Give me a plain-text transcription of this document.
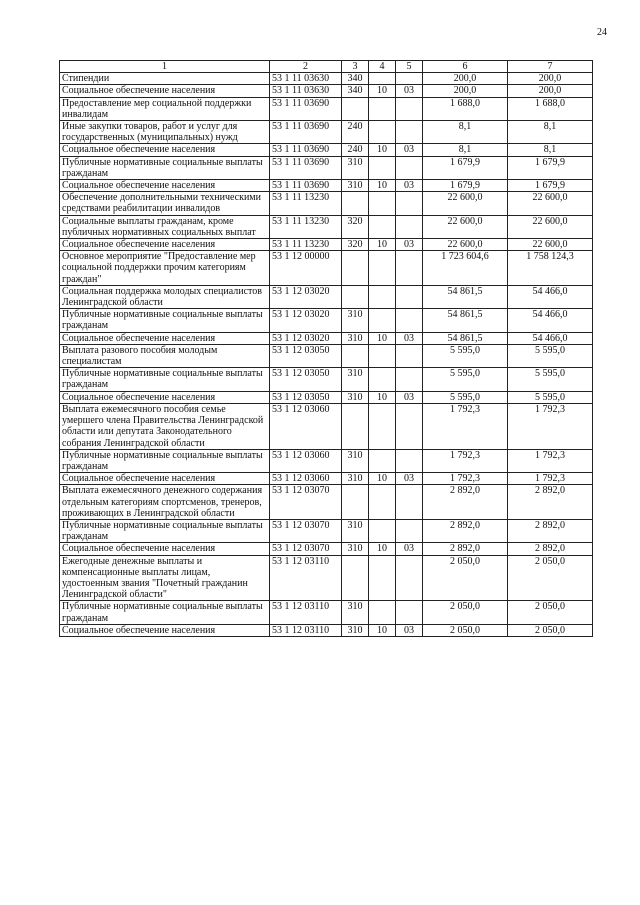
24
1	2	3	4	5	6	7
Стипендии	53 1 11 03630	340			200,0	200,0
Социальное обеспечение населения	53 1 11 03630	340	10	03	200,0	200,0
Предоставление мер социальной поддержки инвалидам	53 1 11 03690				1 688,0	1 688,0
Иные закупки товаров, работ и услуг для государственных (муниципальных) нужд	53 1 11 03690	240			8,1	8,1
Социальное обеспечение населения	53 1 11 03690	240	10	03	8,1	8,1
Публичные нормативные социальные выплаты гражданам	53 1 11 03690	310			1 679,9	1 679,9
Социальное обеспечение населения	53 1 11 03690	310	10	03	1 679,9	1 679,9
Обеспечение дополнительными техническими средствами реабилитации инвалидов	53 1 11 13230				22 600,0	22 600,0
Социальные выплаты гражданам, кроме публичных нормативных социальных выплат	53 1 11 13230	320			22 600,0	22 600,0
Социальное обеспечение населения	53 1 11 13230	320	10	03	22 600,0	22 600,0
Основное мероприятие "Предоставление мер социальной поддержки прочим категориям граждан"	53 1 12 00000				1 723 604,6	1 758 124,3
Социальная поддержка молодых специалистов Ленинградской области	53 1 12 03020				54 861,5	54 466,0
Публичные нормативные социальные выплаты гражданам	53 1 12 03020	310			54 861,5	54 466,0
Социальное обеспечение населения	53 1 12 03020	310	10	03	54 861,5	54 466,0
Выплата разового пособия молодым специалистам	53 1 12 03050				5 595,0	5 595,0
Публичные нормативные социальные выплаты гражданам	53 1 12 03050	310			5 595,0	5 595,0
Социальное обеспечение населения	53 1 12 03050	310	10	03	5 595,0	5 595,0
Выплата ежемесячного пособия семье умершего члена Правительства Ленинградской области или депутата Законодательного собрания Ленинградской области	53 1 12 03060				1 792,3	1 792,3
Публичные нормативные социальные выплаты гражданам	53 1 12 03060	310			1 792,3	1 792,3
Социальное обеспечение населения	53 1 12 03060	310	10	03	1 792,3	1 792,3
Выплата ежемесячного денежного содержания отдельным категориям спортсменов, тренеров, проживающих в Ленинградской области	53 1 12 03070				2 892,0	2 892,0
Публичные нормативные социальные выплаты гражданам	53 1 12 03070	310			2 892,0	2 892,0
Социальное обеспечение населения	53 1 12 03070	310	10	03	2 892,0	2 892,0
Ежегодные денежные выплаты и компенсационные выплаты лицам, удостоенным звания "Почетный гражданин Ленинградской области"	53 1 12 03110				2 050,0	2 050,0
Публичные нормативные социальные выплаты гражданам	53 1 12 03110	310			2 050,0	2 050,0
Социальное обеспечение населения	53 1 12 03110	310	10	03	2 050,0	2 050,0
